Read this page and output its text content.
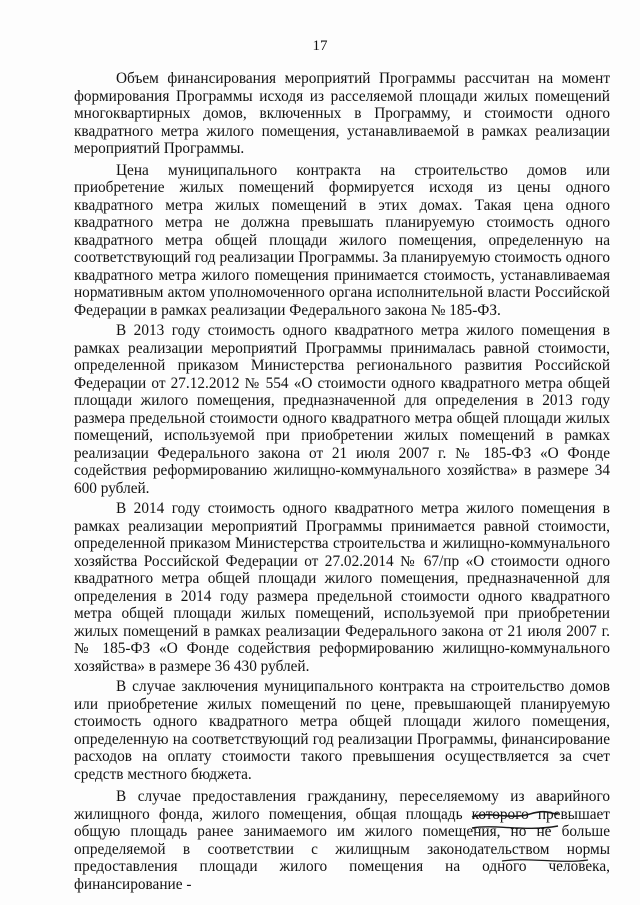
17

Объем финансирования мероприятий Программы рассчитан на момент формирования Программы исходя из расселяемой площади жилых помещений многоквартирных домов, включенных в Программу, и стоимости одного квадратного метра жилого помещения, устанавливаемой в рамках реализации мероприятий Программы.

Цена муниципального контракта на строительство домов или приобретение жилых помещений формируется исходя из цены одного квадратного метра жилых помещений в этих домах. Такая цена одного квадратного метра не должна превышать планируемую стоимость одного квадратного метра общей площади жилого помещения, определенную на соответствующий год реализации Программы. За планируемую стоимость одного квадратного метра жилого помещения принимается стоимость, устанавливаемая нормативным актом уполномоченного органа исполнительной власти Российской Федерации в рамках реализации Федерального закона № 185-ФЗ.

В 2013 году стоимость одного квадратного метра жилого помещения в рамках реализации мероприятий Программы принималась равной стоимости, определенной приказом Министерства регионального развития Российской Федерации от 27.12.2012 № 554 «О стоимости одного квадратного метра общей площади жилого помещения, предназначенной для определения в 2013 году размера предельной стоимости одного квадратного метра общей площади жилых помещений, используемой при приобретении жилых помещений в рамках реализации Федерального закона от 21 июля 2007 г. № 185-ФЗ «О Фонде содействия реформированию жилищно-коммунального хозяйства» в размере 34 600 рублей.

В 2014 году стоимость одного квадратного метра жилого помещения в рамках реализации мероприятий Программы принимается равной стоимости, определенной приказом Министерства строительства и жилищно-коммунального хозяйства Российской Федерации от 27.02.2014 № 67/пр «О стоимости одного квадратного метра общей площади жилого помещения, предназначенной для определения в 2014 году размера предельной стоимости одного квадратного метра общей площади жилых помещений, используемой при приобретении жилых помещений в рамках реализации Федерального закона от 21 июля 2007 г. № 185-ФЗ «О Фонде содействия реформированию жилищно-коммунального хозяйства» в размере 36 430 рублей.

В случае заключения муниципального контракта на строительство домов или приобретение жилых помещений по цене, превышающей планируемую стоимость одного квадратного метра общей площади жилого помещения, определенную на соответствующий год реализации Программы, финансирование расходов на оплату стоимости такого превышения осуществляется за счет средств местного бюджета.

В случае предоставления гражданину, переселяемому из аварийного жилищного фонда, жилого помещения, общая площадь которого превышает общую площадь ранее занимаемого им жилого помещения, но не больше определяемой в соответствии с жилищным законодательством нормы предоставления площади жилого помещения на одного человека, финансирование -
